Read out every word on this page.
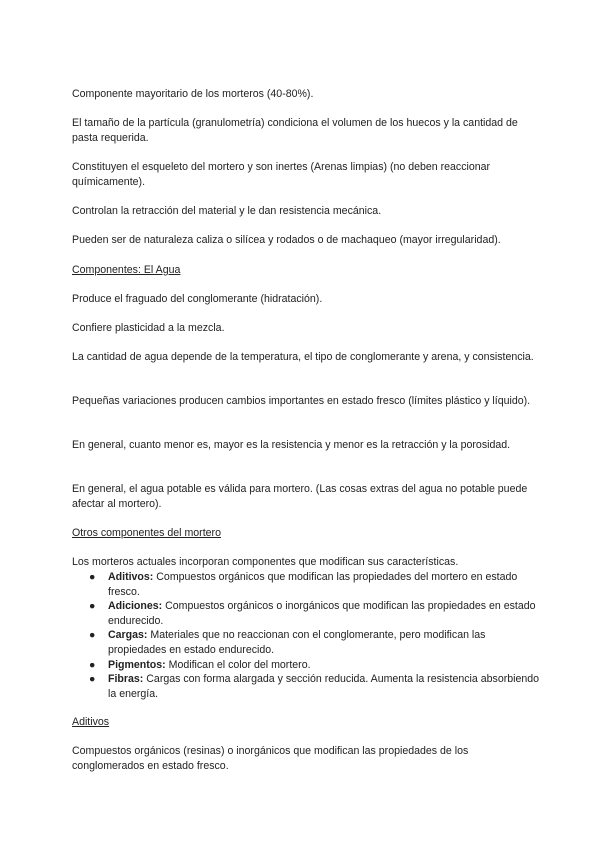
Componente mayoritario de los morteros (40-80%).

El tamaño de la partícula (granulometría) condiciona el volumen de los huecos y la cantidad de pasta requerida.

Constituyen el esqueleto del mortero y son inertes (Arenas limpias) (no deben reaccionar químicamente).

Controlan la retracción del material y le dan resistencia mecánica.

Pueden ser de naturaleza caliza o silícea y rodados o de machaqueo (mayor irregularidad).

Componentes: El Agua

Produce el fraguado del conglomerante (hidratación).

Confiere plasticidad a la mezcla.

La cantidad de agua depende de la temperatura, el tipo de conglomerante y arena, y consistencia.

Pequeñas variaciones producen cambios importantes en estado fresco (límites plástico y líquido).

En general, cuanto menor es, mayor es la resistencia y menor es la retracción y la porosidad.

En general, el agua potable es válida para mortero. (Las cosas extras del agua no potable puede afectar al mortero).

Otros componentes del mortero

Los morteros actuales incorporan componentes que modifican sus características.

● Aditivos: Compuestos orgánicos que modifican las propiedades del mortero en estado fresco.
● Adiciones: Compuestos orgánicos o inorgánicos que modifican las propiedades en estado endurecido.
● Cargas: Materiales que no reaccionan con el conglomerante, pero modifican las propiedades en estado endurecido.
● Pigmentos: Modifican el color del mortero.
● Fibras: Cargas con forma alargada y sección reducida. Aumenta la resistencia absorbiendo la energía.

Aditivos

Compuestos orgánicos (resinas) o inorgánicos que modifican las propiedades de los conglomerados en estado fresco.
